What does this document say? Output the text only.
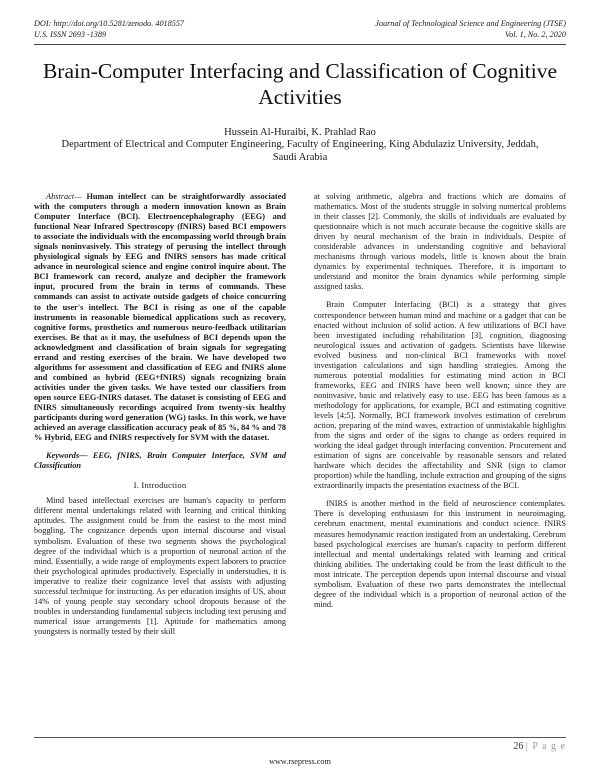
DOI: http://doi.org/10.5281/zenodo. 4018557
U.S. ISSN 2693 -1389
Journal of Technological Science and Engineering (JTSE)
Vol. 1, No. 2, 2020
Brain-Computer Interfacing and Classification of Cognitive Activities
Hussein Al-Huraibi, K. Prahlad Rao
Department of Electrical and Computer Engineering, Faculty of Engineering, King Abdulaziz University, Jeddah, Saudi Arabia

Abstract— Human intellect can be straightforwardly associated with the computers through a modern innovation known as Brain Computer Interface (BCI). Electroencephalography (EEG) and functional Near Infrared Spectroscopy (fNIRS) based BCI empowers to associate the individuals with the encompassing world through brain signals noninvasively. This strategy of perusing the intellect through physiological signals by EEG and fNIRS sensors has made critical advance in neurological science and engine control inquire about. The BCI framework can record, analyze and decipher the framework input, procured from the brain in terms of commands. These commands can assist to activate outside gadgets of choice concurring to the user's intellect. The BCI is rising as one of the capable instruments in reasonable biomedical applications such as recovery, cognitive forms, prosthetics and numerous neuro-feedback utilitarian exercises. Be that as it may, the usefulness of BCI depends upon the acknowledgment and classification of brain signals for segregating errand and resting exercises of the brain. We have developed two algorithms for assessment and classification of EEG and fNIRS alone and combined as hybrid (EEG+fNIRS) signals recognizing brain activities under the given tasks. We have tested our classifiers from open source EEG-fNIRS dataset. The dataset is consisting of EEG and fNIRS simultaneously recordings acquired from twenty-six healthy participants during word generation (WG) tasks. In this work, we have achieved an average classification accuracy peak of 85 %, 84 % and 78 % Hybrid, EEG and fNIRS respectively for SVM with the dataset.

Keywords— EEG, fNIRS, Brain Computer Interface, SVM and Classification

I. Introduction

Mind based intellectual exercises are human's capacity to perform different mental undertakings related with learning and critical thinking aptitudes. The assignment could be from the easiest to the most mind boggling. The cognizance depends upon internal discourse and visual symbolism. Evaluation of these two segments shows the psychological degree of the individual which is a proportion of neuronal action of the mind. Essentially, a wide range of employments expect laborers to practice their psychological aptitudes productively. Especially in understudies, it is imperative to realize their cognizance level that assists with adjusting successful technique for instructing. As per education insights of US, about 14% of young people stay secondary school dropouts because of the troubles in understanding fundamental subjects including text perusing and numerical issue arrangements [1]. Aptitude for mathematics among youngsters is normally tested by their skill

at solving arithmetic, algebra and fractions which are domains of mathematics. Most of the students struggle in solving numerical problems in their classes [2]. Commonly, the skills of individuals are evaluated by questionnaire which is not much accurate because the cognitive skills are driven by neural mechanism of the brain in individuals. Despite of considerable advances in understanding cognitive and behavioral mechanisms through various models, little is known about the brain dynamics by experimental techniques. Therefore, it is important to understand and monitor the brain dynamics while performing simple assigned tasks.

Brain Computer Interfacing (BCI) is a strategy that gives correspondence between human mind and machine or a gadget that can be enacted without inclusion of solid action. A few utilizations of BCI have been investigated including rehabilitation [3], cognition, diagnosing neurological issues and activation of gadgets. Scientists have likewise evolved business and non-clinical BCI frameworks with novel investigation calculations and sign handling strategies. Among the numerous potential modalities for estimating mind action in BCI frameworks, EEG and fNIRS have been well known; since they are noninvasive, basic and relatively easy to use. EEG has been famous as a methodology for applications, for example, BCI and estimating cognitive levels [4;5]. Normally, BCI framework involves estimation of cerebrum action, preparing of the mind waves, extraction of unmistakable highlights from the signs and order of the signs to change as orders required in working the ideal gadget through interfacing convention. Procurement and estimation of signs are conceivable by reasonable sensors and related hardware which decides the affectability and SNR (sign to clamor proportion) while the handling, include extraction and grouping of the signs extraordinarily impacts the presentation exactness of the BCI.

fNIRS is another method in the field of neuroscience contemplates. There is developing enthusiasm for this instrument in neuroimaging, cerebrum enactment, mental examinations and conduct science. fNIRS measures hemodynamic reaction instigated from an undertaking. Cerebrum based psychological exercises are human's capacity to perform different intellectual and mental undertakings related with learning and critical thinking abilities. The undertaking could be from the least difficult to the most intricate. The perception depends upon internal discourse and visual symbolism. Evaluation of these two parts demonstrates the intellectual degree of the individual which is a proportion of neuronal action of the mind.

26 | P a g e
www.rsepress.com
